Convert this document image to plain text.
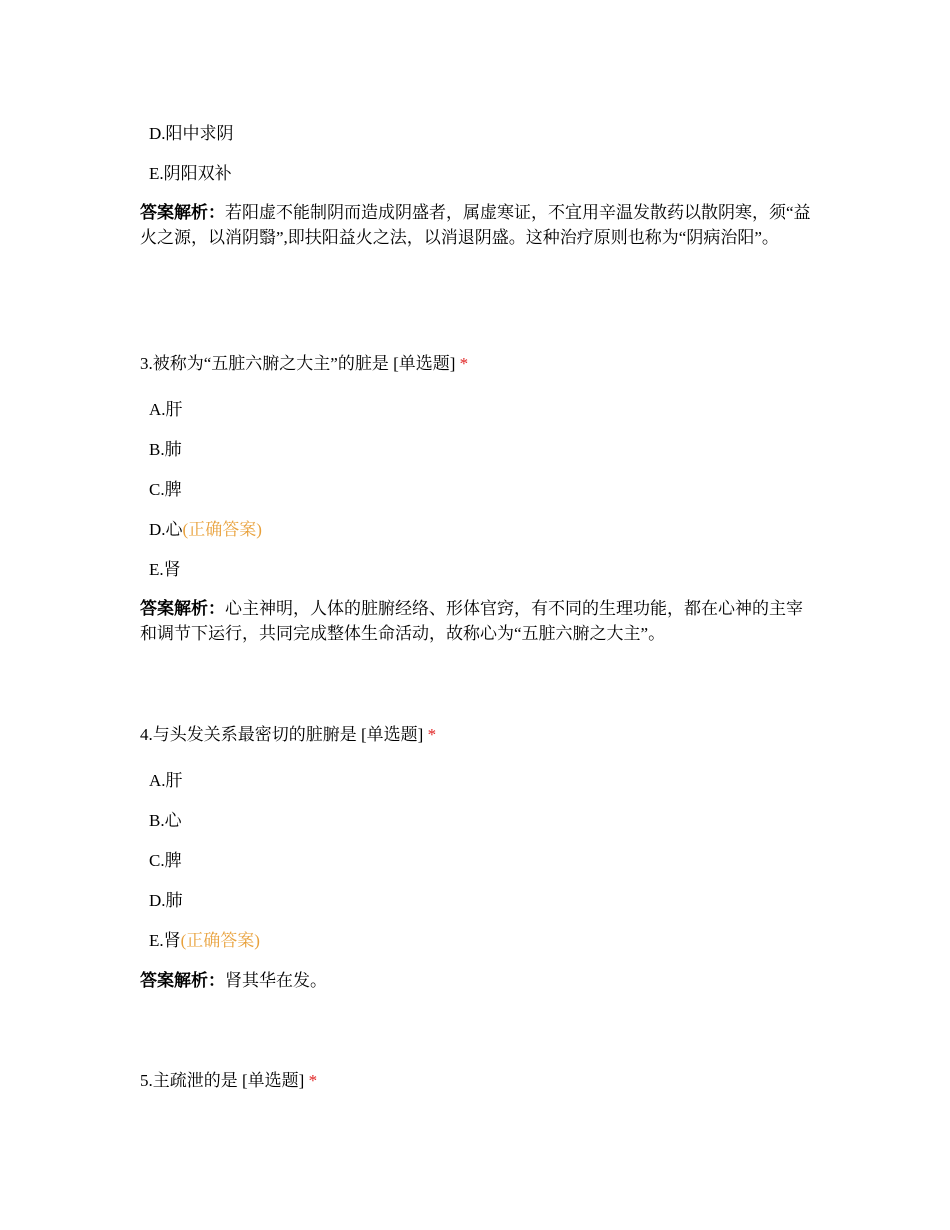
D.阳中求阴
E.阴阳双补
答案解析：若阳虚不能制阴而造成阴盛者，属虚寒证，不宜用辛温发散药以散阴寒，须“益火之源，以消阴翳”,即扶阳益火之法，以消退阴盛。这种治疗原则也称为“阴病治阳”。
3.被称为“五脏六腑之大主”的脏是 [单选题] *
A.肝
B.肺
C.脾
D.心(正确答案)
E.肾
答案解析：心主神明，人体的脏腑经络、形体官窍，有不同的生理功能，都在心神的主宰和调节下运行，共同完成整体生命活动，故称心为“五脏六腑之大主”。
4.与头发关系最密切的脏腑是 [单选题] *
A.肝
B.心
C.脾
D.肺
E.肾(正确答案)
答案解析：肾其华在发。
5.主疏泄的是 [单选题] *
